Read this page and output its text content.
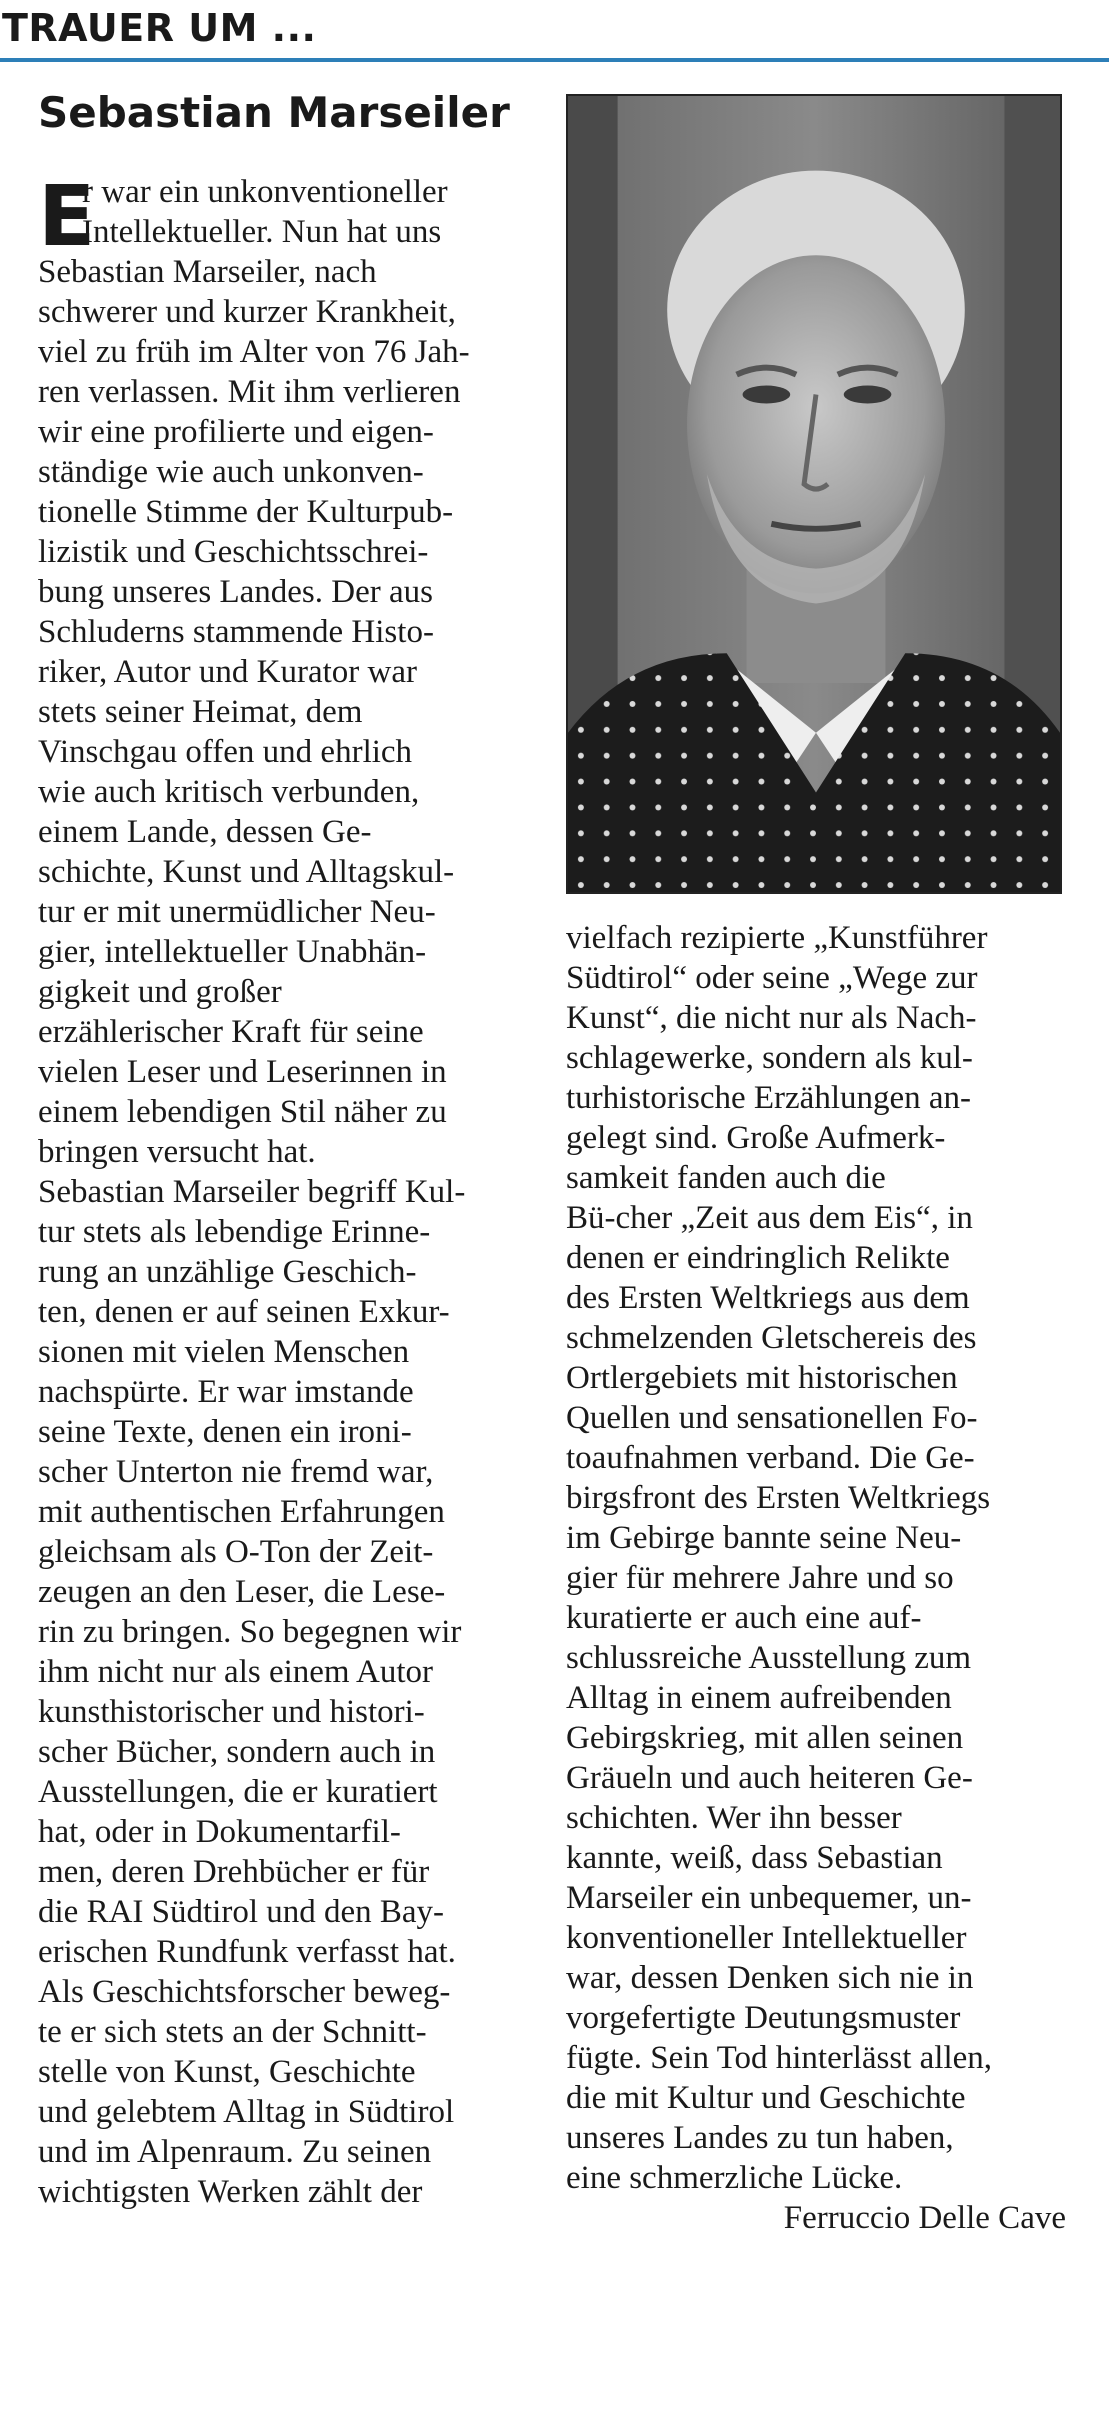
TRAUER UM ...
Sebastian Marseiler
E
r war ein unkonventioneller
Intellektueller. Nun hat uns
Sebastian Marseiler, nach
schwerer und kurzer Krankheit,
viel zu früh im Alter von 76 Jah-
ren verlassen. Mit ihm verlieren
wir eine profilierte und eigen-
ständige wie auch unkonven-
tionelle Stimme der Kulturpub-
lizistik und Geschichtsschrei-
bung unseres Landes. Der aus
Schluderns stammende Histo-
riker, Autor und Kurator war
stets seiner Heimat, dem
Vinschgau offen und ehrlich
wie auch kritisch verbunden,
einem Lande, dessen Ge-
schichte, Kunst und Alltagskul-
tur er mit unermüdlicher Neu-
gier, intellektueller Unabhän-
gigkeit und großer
erzählerischer Kraft für seine
vielen Leser und Leserinnen in
einem lebendigen Stil näher zu
bringen versucht hat.
Sebastian Marseiler begriff Kul-
tur stets als lebendige Erinne-
rung an unzählige Geschich-
ten, denen er auf seinen Exkur-
sionen mit vielen Menschen
nachspürte. Er war imstande
seine Texte, denen ein ironi-
scher Unterton nie fremd war,
mit authentischen Erfahrungen
gleichsam als O-Ton der Zeit-
zeugen an den Leser, die Lese-
rin zu bringen. So begegnen wir
ihm nicht nur als einem Autor
kunsthistorischer und histori-
scher Bücher, sondern auch in
Ausstellungen, die er kuratiert
hat, oder in Dokumentarfil-
men, deren Drehbücher er für
die RAI Südtirol und den Bay-
erischen Rundfunk verfasst hat.
Als Geschichtsforscher beweg-
te er sich stets an der Schnitt-
stelle von Kunst, Geschichte
und gelebtem Alltag in Südtirol
und im Alpenraum. Zu seinen
wichtigsten Werken zählt der
vielfach rezipierte „Kunstführer
Südtirol“ oder seine „Wege zur
Kunst“, die nicht nur als Nach-
schlagewerke, sondern als kul-
turhistorische Erzählungen an-
gelegt sind. Große Aufmerk-
samkeit fanden auch die
Bü-cher „Zeit aus dem Eis“, in
denen er eindringlich Relikte
des Ersten Weltkriegs aus dem
schmelzenden Gletschereis des
Ortlergebiets mit historischen
Quellen und sensationellen Fo-
toaufnahmen verband. Die Ge-
birgsfront des Ersten Weltkriegs
im Gebirge bannte seine Neu-
gier für mehrere Jahre und so
kuratierte er auch eine auf-
schlussreiche Ausstellung zum
Alltag in einem aufreibenden
Gebirgskrieg, mit allen seinen
Gräueln und auch heiteren Ge-
schichten. Wer ihn besser
kannte, weiß, dass Sebastian
Marseiler ein unbequemer, un-
konventioneller Intellektueller
war, dessen Denken sich nie in
vorgefertigte Deutungsmuster
fügte. Sein Tod hinterlässt allen,
die mit Kultur und Geschichte
unseres Landes zu tun haben,
eine schmerzliche Lücke.
Ferruccio Delle Cave
